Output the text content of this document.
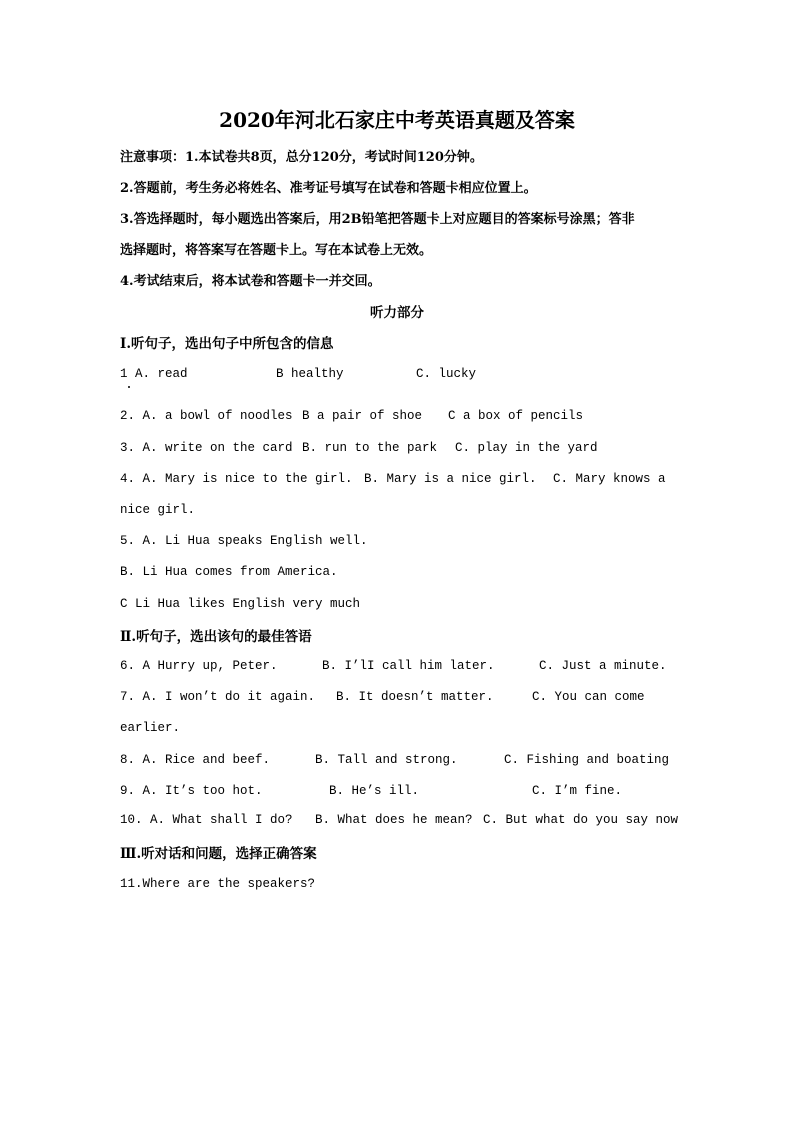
2020年河北石家庄中考英语真题及答案
注意事项：1.本试卷共8页，总分120分，考试时间120分钟。
2.答题前，考生务必将姓名、准考证号填写在试卷和答题卡相应位置上。
3.答选择题时，每小题选出答案后，用2B铅笔把答题卡上对应题目的答案标号涂黑；答非
选择题时，将答案写在答题卡上。写在本试卷上无效。
4.考试结束后，将本试卷和答题卡一并交回。
听力部分
Ⅰ.听句子，选出句子中所包含的信息
1 A. read	B healthy	C. lucky
2. A. a bowl of noodles B a pair of shoe C a box of pencils
3. A. write on the card B. run to the park C. play in the yard
4. A. Mary is nice to the girl. B. Mary is a nice girl. C. Mary knows a
nice girl.
5. A. Li Hua speaks English well.
B. Li Hua comes from America.
C Li Hua likes English very much
Ⅱ.听句子，选出该句的最佳答语
6. A Hurry up, Peter.	B. I’lI call him later.	C. Just a minute.
7. A. I won’t do it again. B. It doesn’t matter.	C. You can come
earlier.
8. A. Rice and beef.	B. Tall and strong.	C. Fishing and boating
9. A. It’s too hot.	B. He’s ill.	C. I’m fine.
10. A. What shall I do? B. What does he mean? C. But what do you say now
Ⅲ.听对话和问题，选择正确答案
11.Where are the speakers?
